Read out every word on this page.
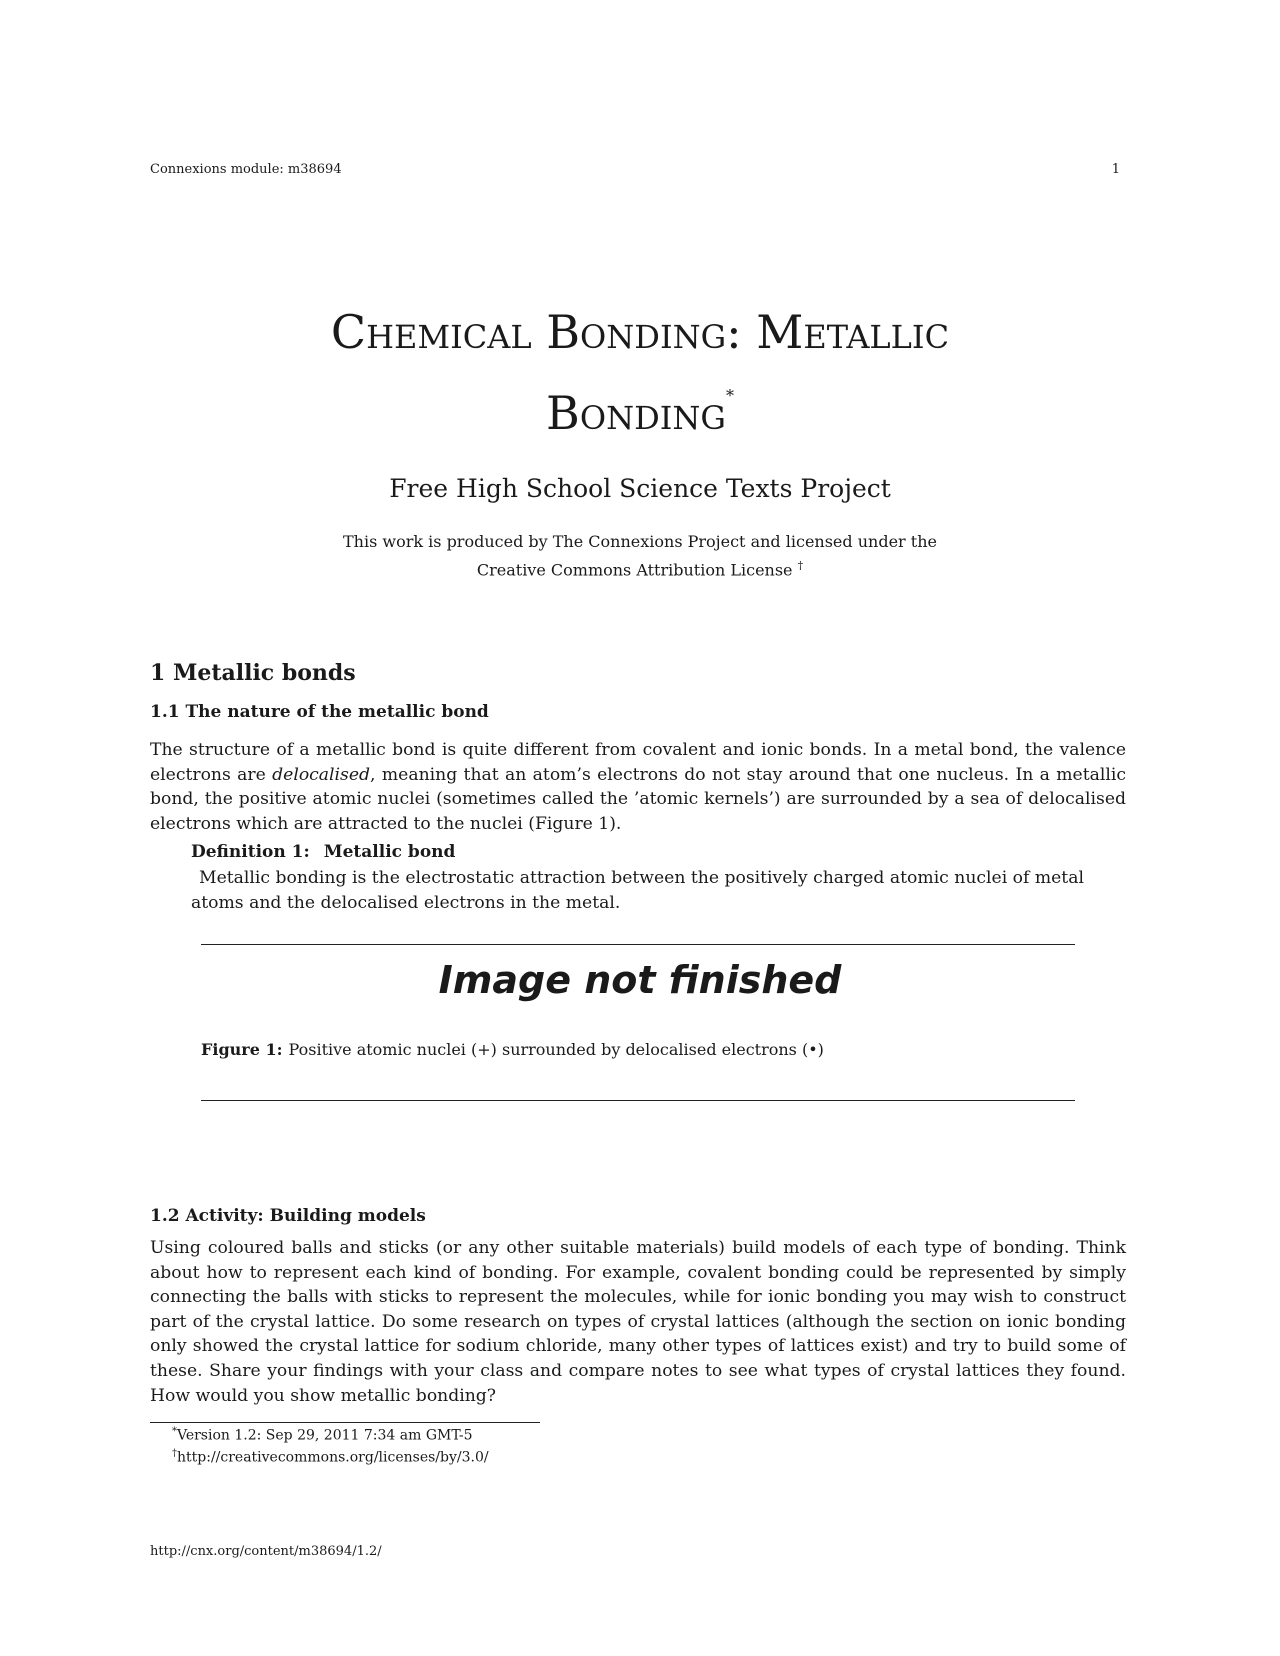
Connexions module: m38694	1
Chemical Bonding: Metallic
Bonding*
Free High School Science Texts Project
This work is produced by The Connexions Project and licensed under the
Creative Commons Attribution License †
1 Metallic bonds
1.1 The nature of the metallic bond

The structure of a metallic bond is quite different from covalent and ionic bonds. In a metal bond, the valence electrons are delocalised, meaning that an atom’s electrons do not stay around that one nucleus. In a metallic bond, the positive atomic nuclei (sometimes called the ’atomic kernels’) are surrounded by a sea of delocalised electrons which are attracted to the nuclei (Figure 1).

Definition 1: Metallic bond

Metallic bonding is the electrostatic attraction between the positively charged atomic nuclei of metal atoms and the delocalised electrons in the metal.

Image not finished
Figure 1: Positive atomic nuclei (+) surrounded by delocalised electrons (•)
1.2 Activity: Building models

Using coloured balls and sticks (or any other suitable materials) build models of each type of bonding. Think about how to represent each kind of bonding. For example, covalent bonding could be represented by simply connecting the balls with sticks to represent the molecules, while for ionic bonding you may wish to construct part of the crystal lattice. Do some research on types of crystal lattices (although the section on ionic bonding only showed the crystal lattice for sodium chloride, many other types of lattices exist) and try to build some of these. Share your findings with your class and compare notes to see what types of crystal lattices they found. How would you show metallic bonding?

*Version 1.2: Sep 29, 2011 7:34 am GMT-5
†http://creativecommons.org/licenses/by/3.0/
http://cnx.org/content/m38694/1.2/
